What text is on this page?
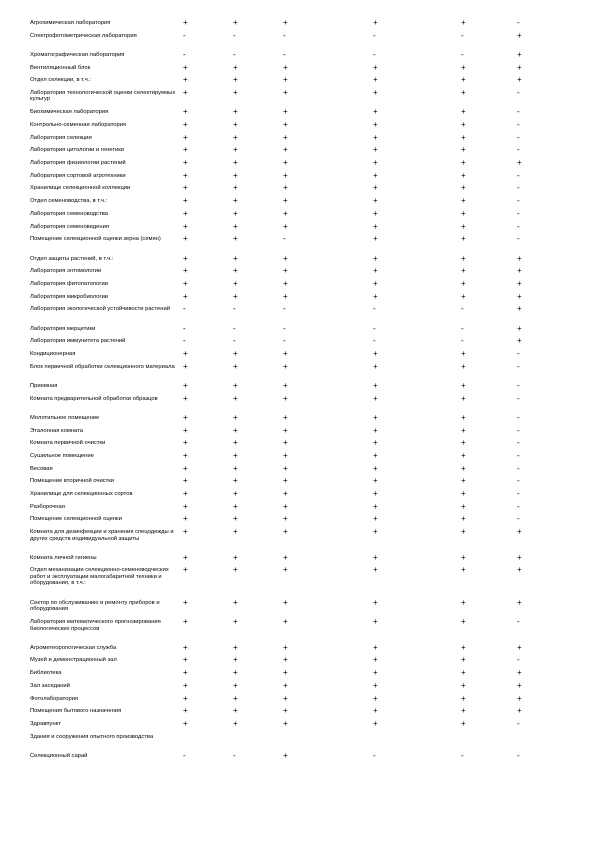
Агрохимическая лаборатория	+	+	+	+	+	-
Спектрофотометрическая лаборатория	-	-	-	-	-	+
Хроматографическая лаборатория	-	-	-	-	-	+
Вентиляционный блок	+	+	+	+	+	+
Отдел селекции, в т.ч.:	+	+	+	+	+	+
Лаборатория технологической оценки селектируемых культур	+	+	+	+	+	-
Биохимическая лаборатория	+	+	+	+	+	-
Контрольно-семенная лаборатория	+	+	+	+	+	-
Лаборатория селекции	+	+	+	+	+	-
Лаборатория цитологии и генетики	+	+	+	+	+	-
Лаборатория физиологии растений	+	+	+	+	+	+
Лаборатория сортовой агротехники	+	+	+	+	+	-
Хранилище селекционной коллекции	+	+	+	+	+	-
Отдел семеноводства, в т.ч.:	+	+	+	+	+	-
Лаборатория семеноводства	+	+	+	+	+	-
Лаборатория семеноведения	+	+	+	+	+	-
Помещение селекционной оценки зерна (семян)	+	+	-	+	+	-
Отдел защиты растений, в т.ч.:	+	+	+	+	+	+
Лаборатория энтомологии	+	+	+	+	+	+
Лаборатория фитопатологии	+	+	+	+	+	+
Лаборатория микробиологии	+	+	+	+	+	+
Лаборатория экологической устойчивости растений	-	-	-	-	-	+
Лаборатория мерцетики	-	-	-	-	-	+
Лаборатория иммунитета растений	-	-	-	-	-	+
Кондиционерная	+	+	+	+	+	-
Блок первичной обработки селекционного материала	+	+	+	+	+	-
Приемная	+	+	+	+	+	-
Комната предварительной обработки образцов	+	+	+	+	+	-
Молотильное помещение	+	+	+	+	+	-
Эталонная комната	+	+	+	+	+	-
Комната первичной очистки	+	+	+	+	+	-
Сушильное помещение	+	+	+	+	+	-
Весовая	+	+	+	+	+	-
Помещение вторичной очистки	+	+	+	+	+	-
Хранилище для селекционных сортов	+	+	+	+	+	-
Разборочная	+	+	+	+	+	-
Помещение селекционной оценки	+	+	+	+	+	-
Комната для дезинфекции и хранения спецодежды и других средств индивидуальной защиты	+	+	+	+	+	+
Комната личной гигиены	+	+	+	+	+	+
Отдел механизации селекционно-семеноводческих работ и эксплуатации малогабаритной техники и оборудования, в т.ч.:	+	+	+	+	+	+
Сектор по обслуживанию и ремонту приборов и оборудования	+	+	+	+	+	+
Лаборатория математического прогнозирования биологических процессов	+	+	+	+	+	-
Агрометеорологическая служба	+	+	+	+	+	+
Музей и демонстрационный зал	+	+	+	+	+	-
Библиотека	+	+	+	+	+	+
Зал заседаний	+	+	+	+	+	+
Фотолаборатория	+	+	+	+	+	+
Помещения бытового назначения	+	+	+	+	+	+
Здравпункт	+	+	+	+	+	-
Здания и сооружения опытного производства						
Селекционный сарай	-	-	+	-	-	-
